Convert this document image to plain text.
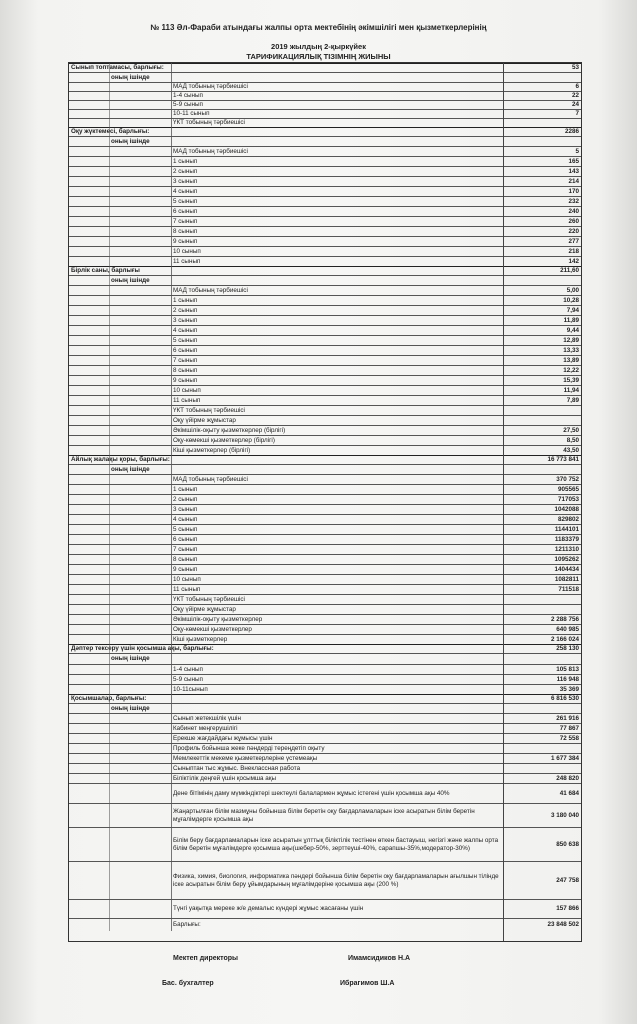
№ 113 Әл-Фараби атындағы жалпы орта мектебінің әкімшілігі мен қызметкерлерінің
2019 жылдың 2-қыркүйек
ТАРИФИКАЦИЯЛЫҚ ТІЗІМНІҢ ЖИЫНЫ
Сынып топтамасы, барлығы:	53
оның ішінде
МАД тобының тәрбиешісі	6
1-4 сынып	22
5-9 сынып	24
10-11 сынып	7
ҮКТ тобының тәрбиешісі
Оқу жүктемесі, барлығы:	2286
оның ішінде
МАД тобының тәрбиешісі	5
1 сынып	165
2 сынып	143
3 сынып	214
4 сынып	170
5 сынып	232
6 сынып	240
7 сынып	260
8 сынып	220
9 сынып	277
10 сынып	218
11 сынып	142
Бірлік саны, барлығы	211,60
оның ішінде
МАД тобының тәрбиешісі	5,00
1 сынып	10,28
2 сынып	7,94
3 сынып	11,89
4 сынып	9,44
5 сынып	12,89
6 сынып	13,33
7 сынып	13,89
8 сынып	12,22
9 сынып	15,39
10 сынып	11,94
11 сынып	7,89
ҮКТ тобының тәрбиешісі
Оқу үйірме жұмыстар
Әкімшілік-оқыту қызметкерлер (бірлігі)	27,50
Оқу-көмекші қызметкерлер (бірлігі)	8,50
Кіші қызметкерлер (бірлігі)	43,50
Айлық жалақы қоры, барлығы:	16 773 841
оның ішінде
МАД тобының тәрбиешісі	370 752
1 сынып	905565
2 сынып	717053
3 сынып	1042088
4 сынып	829802
5 сынып	1144101
6 сынып	1183379
7 сынып	1211310
8 сынып	1095262
9 сынып	1404434
10 сынып	1082811
11 сынып	711518
ҮКТ тобының тәрбиешісі
Оқу үйірме жұмыстар
Әкімшілік-оқыту қызметкерлер	2 288 756
Оқу-көмекші қызметкерлер	640 985
Кіші қызметкерлер	2 166 024
Дәптер тексеру үшін қосымша ақы, барлығы:	258 130
оның ішінде
1-4 сынып	105 813
5-9 сынып	116 948
10-11сынып	35 369
Қосымшалар, барлығы:	6 816 530
оның ішінде
Сынып жетекшілік үшін	261 916
Кабинет меңгерушілігі	77 867
Ерекше жағдайдағы жұмысы үшін	72 558
Профиль бойынша жеке пәндерді тереңдетіп оқыту
Мемлекеттік мекеме қызметкерлеріне үстемеақы	1 677 384
Сыныптан тыс жұмыс. Внеклассная работа
Біліктілік деңгей үшін қосымша ақы	248 820
Дене бітімінің даму мүмкіндіктері шектеулі балалармен жұмыс істегені үшін қосымша ақы 40%	41 684
Жаңартылған білім мазмұны бойынша білім беретін оқу бағдарламаларын іске асыратын білім беретін мұғалімдерге қосымша ақы
3 180 040
Білім беру бағдарламаларын іске асыратын ұлттық біліктілік тестінен өткен бастауыш, негізгі және жалпы орта білім беретін мұғалімдерге қосымша ақы(шебер-50%, зерттеуші-40%, сарапшы-35%,модератор-30%)
850 638
Физика, химия, биология, информатика пәндері бойынша білім беретін оқу бағдарламаларын ағылшын тілінде іске асыратын білім беру ұйымдарының мұғалімдеріне қосымша ақы (200 %)
247 758
Түнгі уақытқа мереке ж/е демалыс күндері жұмыс жасағаны үшін	157 866
Барлығы:	23 848 502
Мектеп директоры	Имамсидиков Н.А
Бас. бухгалтер	Ибрагимов Ш.А
